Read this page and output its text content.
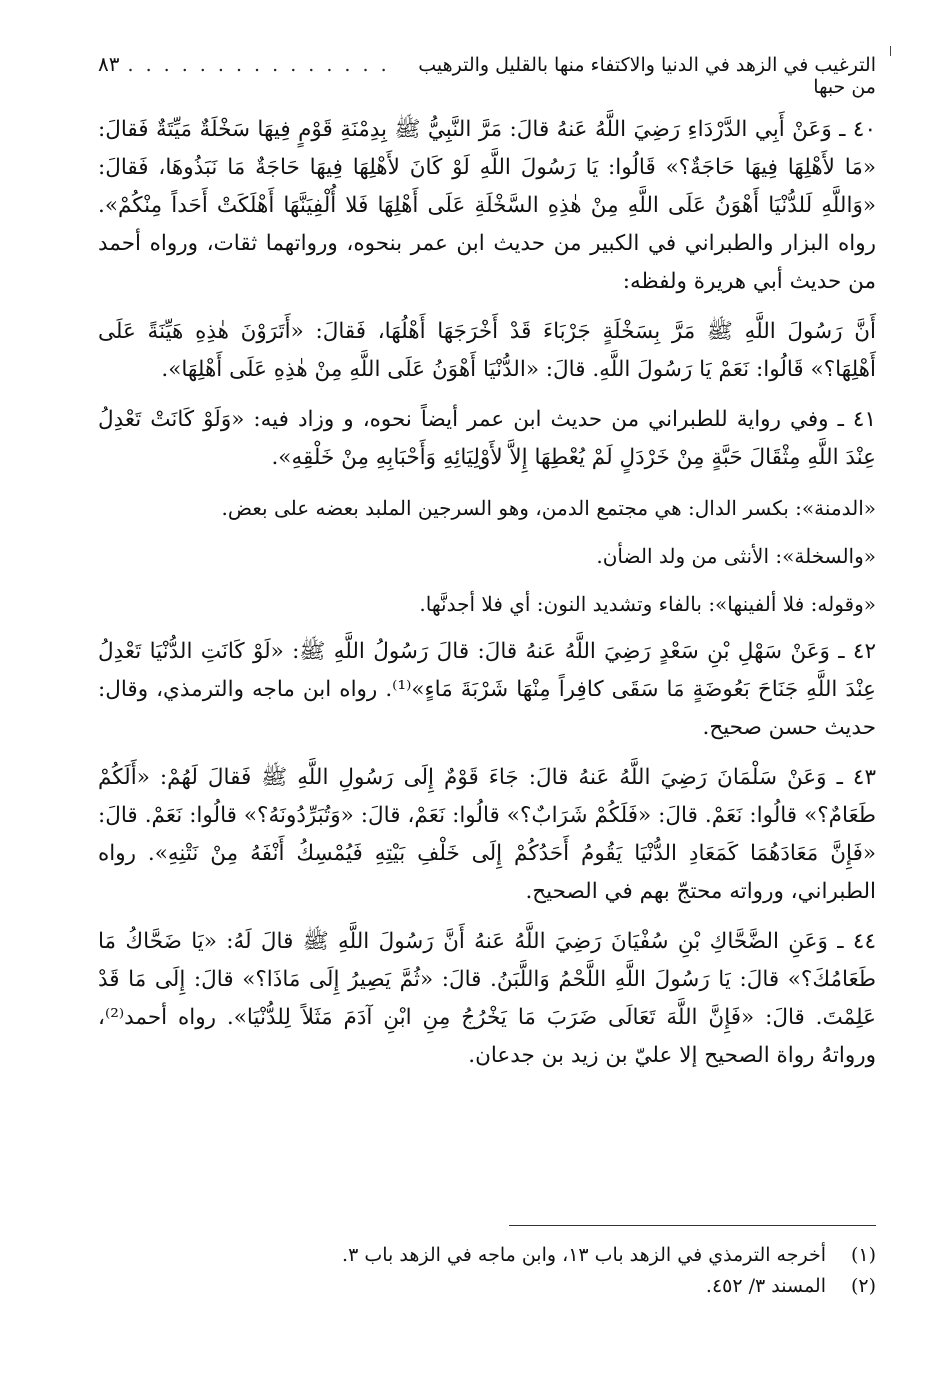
الترغيب في الزهد في الدنيا والاكتفاء منها بالقليل والترهيب من حبها
. . . . . . . . . . . . . . .
٨٣

٤٠ ـ وَعَنْ أَبِي الدَّرْدَاءِ رَضِيَ اللَّهُ عَنهُ قالَ: مَرَّ النَّبِيُّ ﷺ بِدِمْنَةِ قَوْمٍ فِيهَا سَخْلَةٌ مَيِّتَةٌ فَقالَ: «مَا لأَهْلِهَا فِيهَا حَاجَةٌ؟» قَالُوا: يَا رَسُولَ اللَّهِ لَوْ كَانَ لأَهْلِهَا فِيهَا حَاجَةٌ مَا نَبَذُوهَا، فَقالَ: «وَاللَّهِ لَلدُّنْيَا أَهْوَنُ عَلَى اللَّهِ مِنْ هٰذِهِ السَّخْلَةِ عَلَى أَهْلِهَا فَلا أُلْفِيَنَّهَا أَهْلَكَتْ أَحَداً مِنْكُمْ». رواه البزار والطبراني في الكبير من حديث ابن عمر بنحوه، ورواتهما ثقات، ورواه أحمد من حديث أبي هريرة ولفظه:

أَنَّ رَسُولَ اللَّهِ ﷺ مَرَّ بِسَخْلَةٍ جَرْبَاءَ قَدْ أَخْرَجَهَا أَهْلُهَا، فَقالَ: «أَتَرَوْنَ هٰذِهِ هَيِّنَةً عَلَى أَهْلِهَا؟» قَالُوا: نَعَمْ يَا رَسُولَ اللَّهِ. قالَ: «الدُّنْيَا أَهْوَنُ عَلَى اللَّهِ مِنْ هٰذِهِ عَلَى أَهْلِهَا».

٤١ ـ وفي رواية للطبراني من حديث ابن عمر أيضاً نحوه، و وزاد فيه: «وَلَوْ كَانَتْ تَعْدِلُ عِنْدَ اللَّهِ مِثْقَالَ حَبَّةٍ مِنْ خَرْدَلٍ لَمْ يُعْطِهَا إِلاَّ لأَوْلِيَائِهِ وَأَحْبَابِهِ مِنْ خَلْقِهِ».

«الدمنة»: بكسر الدال: هي مجتمع الدمن، وهو السرجين الملبد بعضه على بعض.

«والسخلة»: الأنثى من ولد الضأن.

«وقوله: فلا ألفينها»: بالفاء وتشديد النون: أي فلا أجدنَّها.

٤٢ ـ وَعَنْ سَهْلِ بْنِ سَعْدٍ رَضِيَ اللَّهُ عَنهُ قالَ: قالَ رَسُولُ اللَّهِ ﷺ: «لَوْ كَانَتِ الدُّنْيَا تَعْدِلُ عِنْدَ اللَّهِ جَنَاحَ بَعُوضَةٍ مَا سَقَى كافِراً مِنْهَا شَرْبَةَ مَاءٍ»⁽¹⁾. رواه ابن ماجه والترمذي، وقال: حديث حسن صحيح.

٤٣ ـ وَعَنْ سَلْمَانَ رَضِيَ اللَّهُ عَنهُ قالَ: جَاءَ قَوْمٌ إِلَى رَسُولِ اللَّهِ ﷺ فَقالَ لَهُمْ: «أَلَكُمْ طَعَامٌ؟» قالُوا: نَعَمْ. قالَ: «فَلَكُمْ شَرَابٌ؟» قالُوا: نَعَمْ، قالَ: «وَتُبَرِّدُونَهُ؟» قالُوا: نَعَمْ. قالَ: «فَإِنَّ مَعَادَهُمَا كَمَعَادِ الدُّنْيَا يَقُومُ أَحَدُكُمْ إِلَى خَلْفِ بَيْتِهِ فَيُمْسِكُ أَنْفَهُ مِنْ نَتْنِهِ». رواه الطبراني، ورواته محتجّ بهم في الصحيح.

٤٤ ـ وَعَنِ الضَّحَّاكِ بْنِ سُفْيَانَ رَضِيَ اللَّهُ عَنهُ أَنَّ رَسُولَ اللَّهِ ﷺ قالَ لَهُ: «يَا ضَحَّاكُ مَا طَعَامُكَ؟» قالَ: يَا رَسُولَ اللَّهِ اللَّحْمُ وَاللَّبَنُ. قالَ: «ثُمَّ يَصِيرُ إِلَى مَاذَا؟» قالَ: إِلَى مَا قَدْ عَلِمْتَ. قالَ: «فَإِنَّ اللَّهَ تَعَالَى ضَرَبَ مَا يَخْرُجُ مِنِ ابْنِ آدَمَ مَثَلاً لِلدُّنْيَا». رواه أحمد⁽²⁾، ورواتهُ رواة الصحيح إلا عليّ بن زيد بن جدعان.

(١)
أخرجه الترمذي في الزهد باب ١٣، وابن ماجه في الزهد باب ٣.
(٢)
المسند ٣/ ٤٥٢.
